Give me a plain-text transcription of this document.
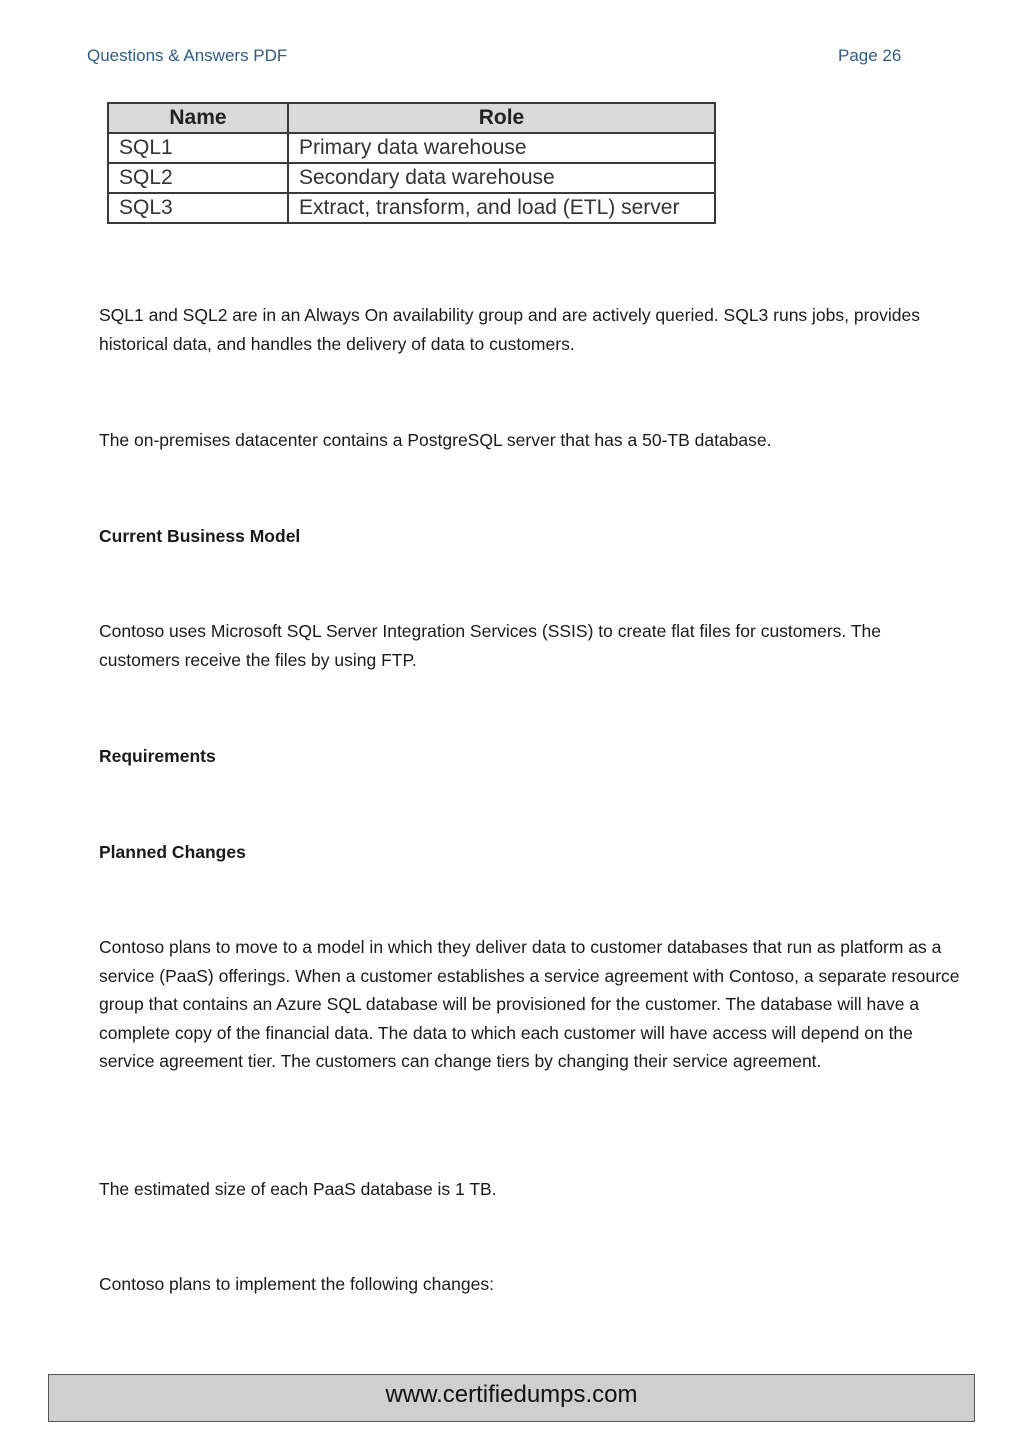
Questions & Answers PDF	Page 26
Name	Role
SQL1	Primary data warehouse
SQL2	Secondary data warehouse
SQL3	Extract, transform, and load (ETL) server
SQL1 and SQL2 are in an Always On availability group and are actively queried. SQL3 runs jobs, provides historical data, and handles the delivery of data to customers.
The on-premises datacenter contains a PostgreSQL server that has a 50-TB database.
Current Business Model
Contoso uses Microsoft SQL Server Integration Services (SSIS) to create flat files for customers. The customers receive the files by using FTP.
Requirements
Planned Changes
Contoso plans to move to a model in which they deliver data to customer databases that run as platform as a service (PaaS) offerings. When a customer establishes a service agreement with Contoso, a separate resource group that contains an Azure SQL database will be provisioned for the customer. The database will have a complete copy of the financial data. The data to which each customer will have access will depend on the service agreement tier. The customers can change tiers by changing their service agreement.
The estimated size of each PaaS database is 1 TB.
Contoso plans to implement the following changes:
www.certifiedumps.com
